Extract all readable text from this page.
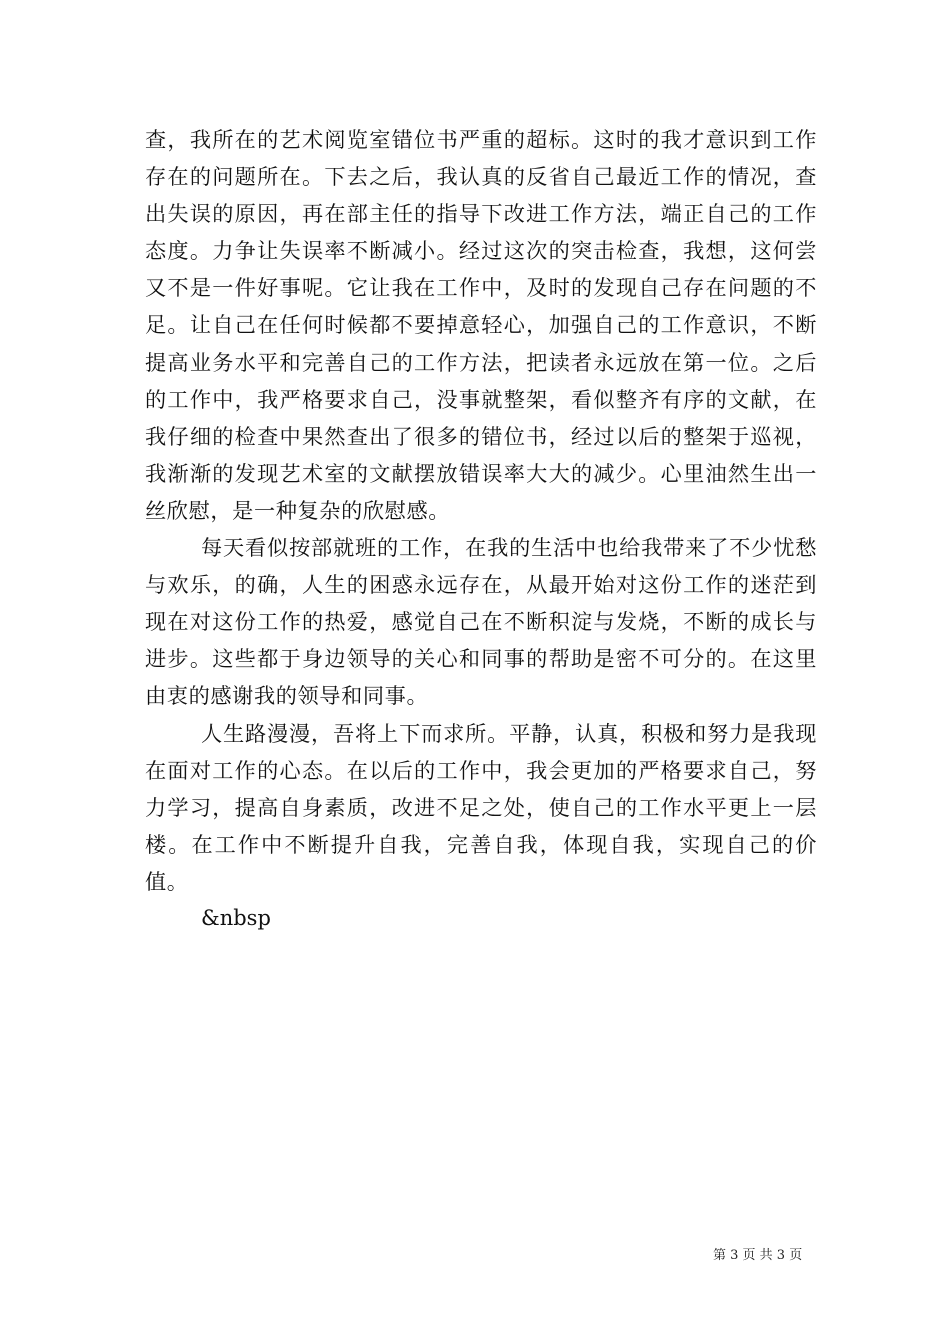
查，我所在的艺术阅览室错位书严重的超标。这时的我才意识到工作存在的问题所在。下去之后，我认真的反省自己最近工作的情况，查出失误的原因，再在部主任的指导下改进工作方法，端正自己的工作态度。力争让失误率不断减小。经过这次的突击检查，我想，这何尝又不是一件好事呢。它让我在工作中，及时的发现自己存在问题的不足。让自己在任何时候都不要掉意轻心，加强自己的工作意识，不断提高业务水平和完善自己的工作方法，把读者永远放在第一位。之后的工作中，我严格要求自己，没事就整架，看似整齐有序的文献，在我仔细的检查中果然查出了很多的错位书，经过以后的整架于巡视，我渐渐的发现艺术室的文献摆放错误率大大的减少。心里油然生出一丝欣慰，是一种复杂的欣慰感。

每天看似按部就班的工作，在我的生活中也给我带来了不少忧愁与欢乐，的确，人生的困惑永远存在，从最开始对这份工作的迷茫到现在对这份工作的热爱，感觉自己在不断积淀与发烧，不断的成长与进步。这些都于身边领导的关心和同事的帮助是密不可分的。在这里由衷的感谢我的领导和同事。

人生路漫漫，吾将上下而求所。平静，认真，积极和努力是我现在面对工作的心态。在以后的工作中，我会更加的严格要求自己，努力学习，提高自身素质，改进不足之处，使自己的工作水平更上一层楼。在工作中不断提升自我，完善自我，体现自我，实现自己的价值。

&nbsp

第 3 页 共 3 页
